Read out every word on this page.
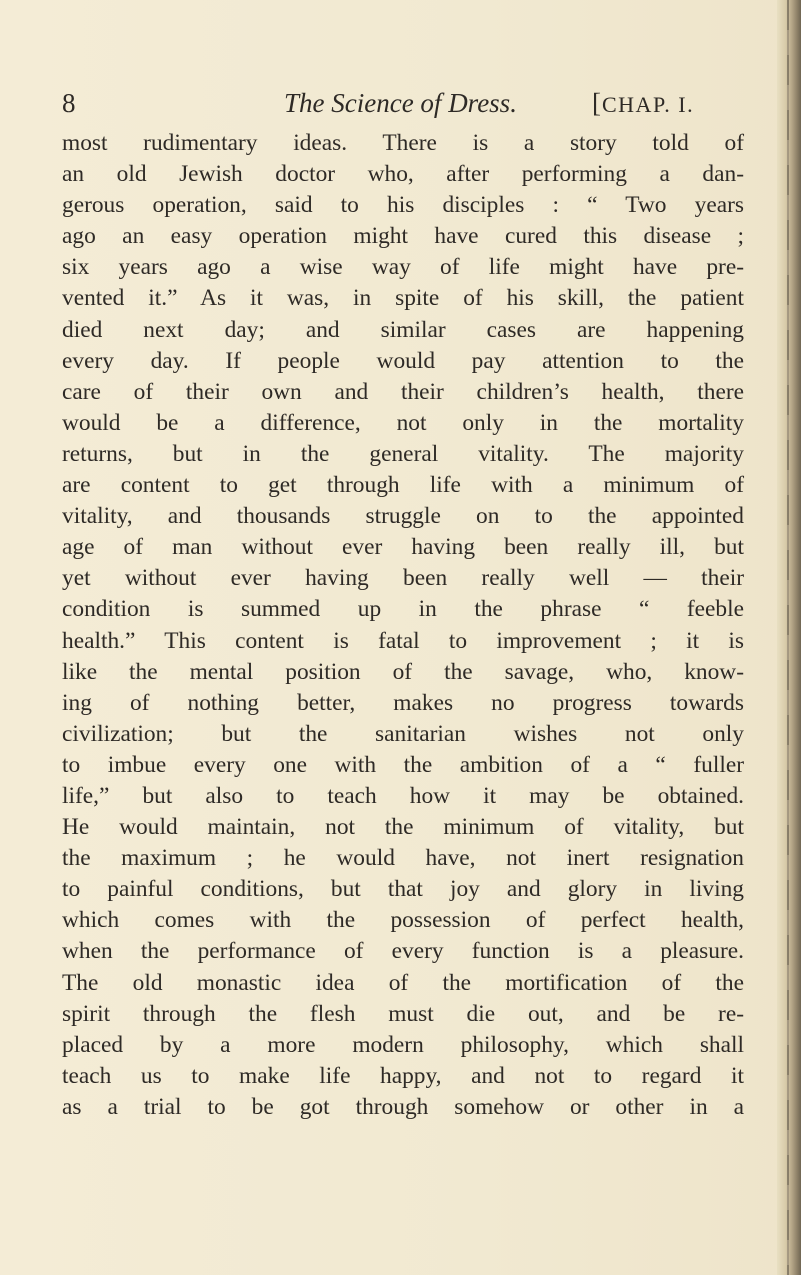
8	The Science of Dress.	[CHAP. I.
most rudimentary ideas. There is a story told of
an old Jewish doctor who, after performing a dan-
gerous operation, said to his disciples : “ Two years
ago an easy operation might have cured this disease ;
six years ago a wise way of life might have pre-
vented it.” As it was, in spite of his skill, the patient
died next day; and similar cases are happening
every day. If people would pay attention to the
care of their own and their children’s health, there
would be a difference, not only in the mortality
returns, but in the general vitality. The majority
are content to get through life with a minimum of
vitality, and thousands struggle on to the appointed
age of man without ever having been really ill, but
yet without ever having been really well — their
condition is summed up in the phrase “ feeble
health.” This content is fatal to improvement ; it is
like the mental position of the savage, who, know-
ing of nothing better, makes no progress towards
civilization; but the sanitarian wishes not only
to imbue every one with the ambition of a “ fuller
life,” but also to teach how it may be obtained.
He would maintain, not the minimum of vitality, but
the maximum ; he would have, not inert resignation
to painful conditions, but that joy and glory in living
which comes with the possession of perfect health,
when the performance of every function is a pleasure.
The old monastic idea of the mortification of the
spirit through the flesh must die out, and be re-
placed by a more modern philosophy, which shall
teach us to make life happy, and not to regard it
as a trial to be got through somehow or other in a
